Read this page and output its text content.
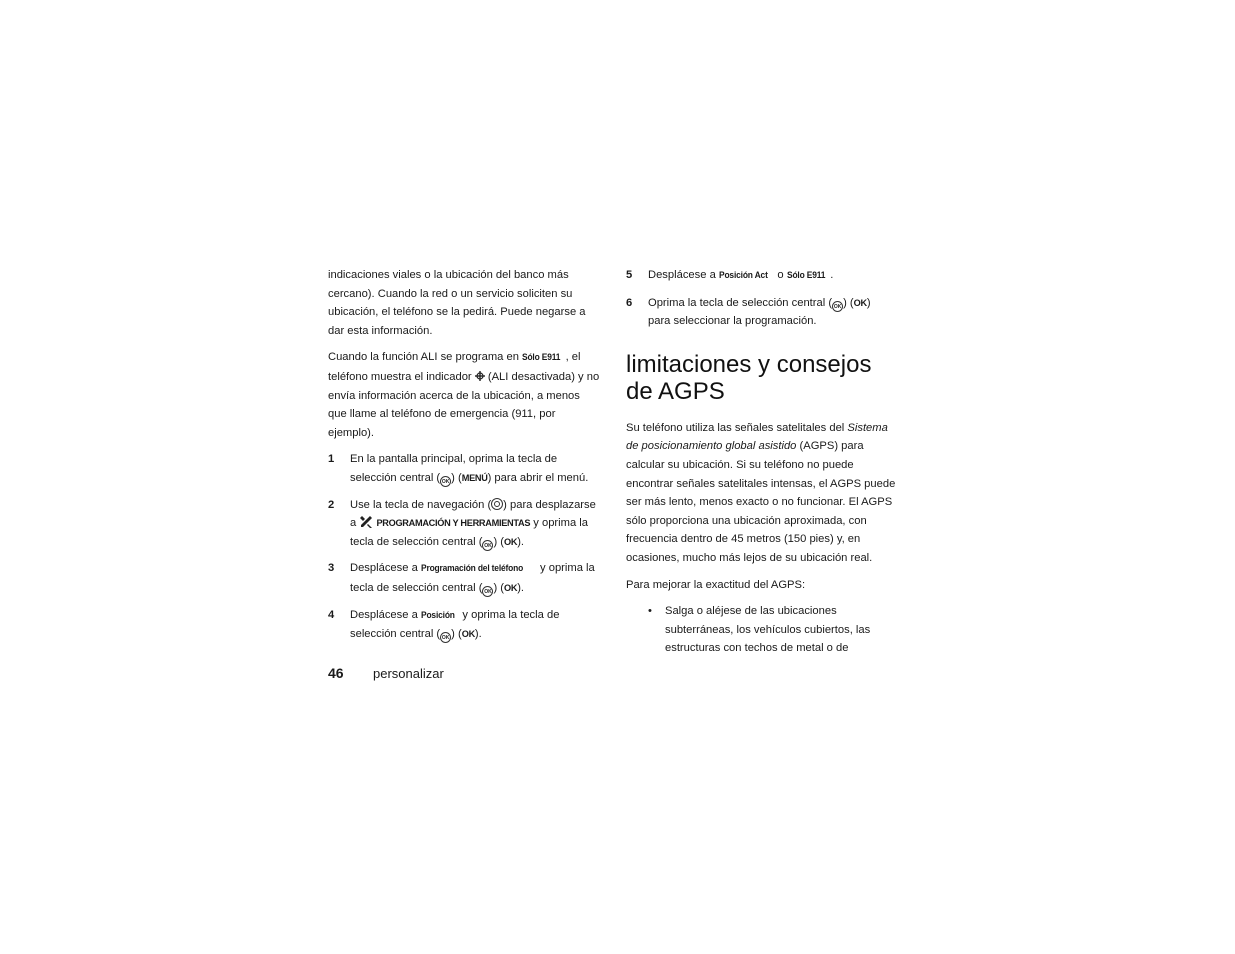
indicaciones viales o la ubicación del banco más cercano). Cuando la red o un servicio soliciten su ubicación, el teléfono se la pedirá. Puede negarse a dar esta información.

Cuando la función ALI se programa en Sólo E911 , el teléfono muestra el indicador  (ALI desactivada) y no envía información acerca de la ubicación, a menos que llame al teléfono de emergencia (911, por ejemplo).

1 En la pantalla principal, oprima la tecla de selección central ( OK ) (MENÚ) para abrir el menú.
2 Use la tecla de navegación ( ) para desplazarse a  PROGRAMACIÓN Y HERRAMIENTAS y oprima la tecla de selección central ( OK ) (OK).
3 Desplácese a Programación del teléfono y oprima la tecla de selección central ( OK ) (OK).
4 Desplácese a Posición y oprima la tecla de selección central ( OK ) (OK).
5 Desplácese a Posición Act o Sólo E911 .
6 Oprima la tecla de selección central ( OK ) (OK) para seleccionar la programación.
limitaciones y consejos de AGPS

Su teléfono utiliza las señales satelitales del Sistema de posicionamiento global asistido (AGPS) para calcular su ubicación. Si su teléfono no puede encontrar señales satelitales intensas, el AGPS puede ser más lento, menos exacto o no funcionar. El AGPS sólo proporciona una ubicación aproximada, con frecuencia dentro de 45 metros (150 pies) y, en ocasiones, mucho más lejos de su ubicación real.

Para mejorar la exactitud del AGPS:

• Salga o aléjese de las ubicaciones subterráneas, los vehículos cubiertos, las estructuras con techos de metal o de
46 personalizar
